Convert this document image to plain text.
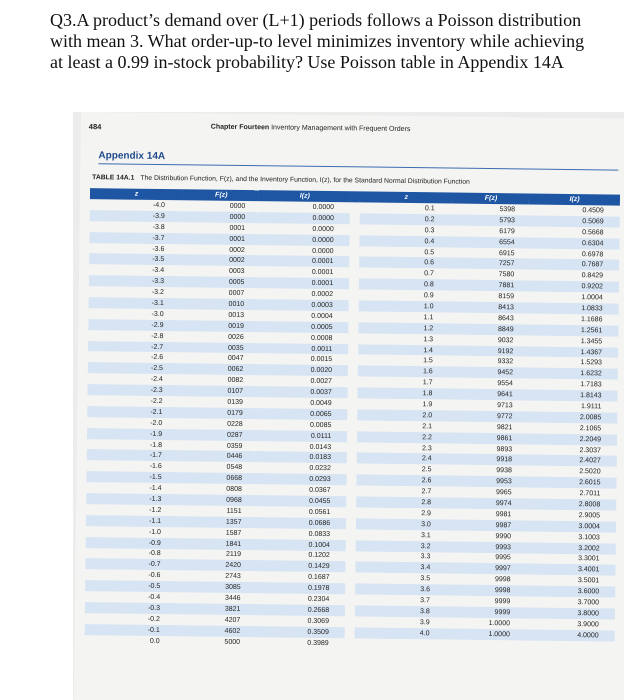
Q3.A product’s demand over (L+1) periods follows a Poisson distribution with mean 3. What order-up-to level minimizes inventory while achieving at least a 0.99 in-stock probability? Use Poisson table in Appendix 14A
484	Chapter Fourteen Inventory Management with Frequent Orders
Appendix 14A
TABLE 14A.1 The Distribution Function, F(z), and the Inventory Function, I(z), for the Standard Normal Distribution Function
z	F(z)	I(z)		z	F(z)	I(z)
-4.0	0000	0.0000		0.1	5398	0.4509
-3.9	0000	0.0000		0.2	5793	0.5069
-3.8	0001	0.0000		0.3	6179	0.5668
-3.7	0001	0.0000		0.4	6554	0.6304
-3.6	0002	0.0000		0.5	6915	0.6978
-3.5	0002	0.0001		0.6	7257	0.7687
-3.4	0003	0.0001		0.7	7580	0.8429
-3.3	0005	0.0001		0.8	7881	0.9202
-3.2	0007	0.0002		0.9	8159	1.0004
-3.1	0010	0.0003		1.0	8413	1.0833
-3.0	0013	0.0004		1.1	8643	1.1686
-2.9	0019	0.0005		1.2	8849	1.2561
-2.8	0026	0.0008		1.3	9032	1.3455
-2.7	0035	0.0011		1.4	9192	1.4367
-2.6	0047	0.0015		1.5	9332	1.5293
-2.5	0062	0.0020		1.6	9452	1.6232
-2.4	0082	0.0027		1.7	9554	1.7183
-2.3	0107	0.0037		1.8	9641	1.8143
-2.2	0139	0.0049		1.9	9713	1.9111
-2.1	0179	0.0065		2.0	9772	2.0085
-2.0	0228	0.0085		2.1	9821	2.1065
-1.9	0287	0.0111		2.2	9861	2.2049
-1.8	0359	0.0143		2.3	9893	2.3037
-1.7	0446	0.0183		2.4	9918	2.4027
-1.6	0548	0.0232		2.5	9938	2.5020
-1.5	0668	0.0293		2.6	9953	2.6015
-1.4	0808	0.0367		2.7	9965	2.7011
-1.3	0968	0.0455		2.8	9974	2.8008
-1.2	1151	0.0561		2.9	9981	2.9005
-1.1	1357	0.0686		3.0	9987	3.0004
-1.0	1587	0.0833		3.1	9990	3.1003
-0.9	1841	0.1004		3.2	9993	3.2002
-0.8	2119	0.1202		3.3	9995	3.3001
-0.7	2420	0.1429		3.4	9997	3.4001
-0.6	2743	0.1687		3.5	9998	3.5001
-0.5	3085	0.1978		3.6	9998	3.6000
-0.4	3446	0.2304		3.7	9999	3.7000
-0.3	3821	0.2668		3.8	9999	3.8000
-0.2	4207	0.3069		3.9	1.0000	3.9000
-0.1	4602	0.3509		4.0	1.0000	4.0000
0.0	5000	0.3989				
